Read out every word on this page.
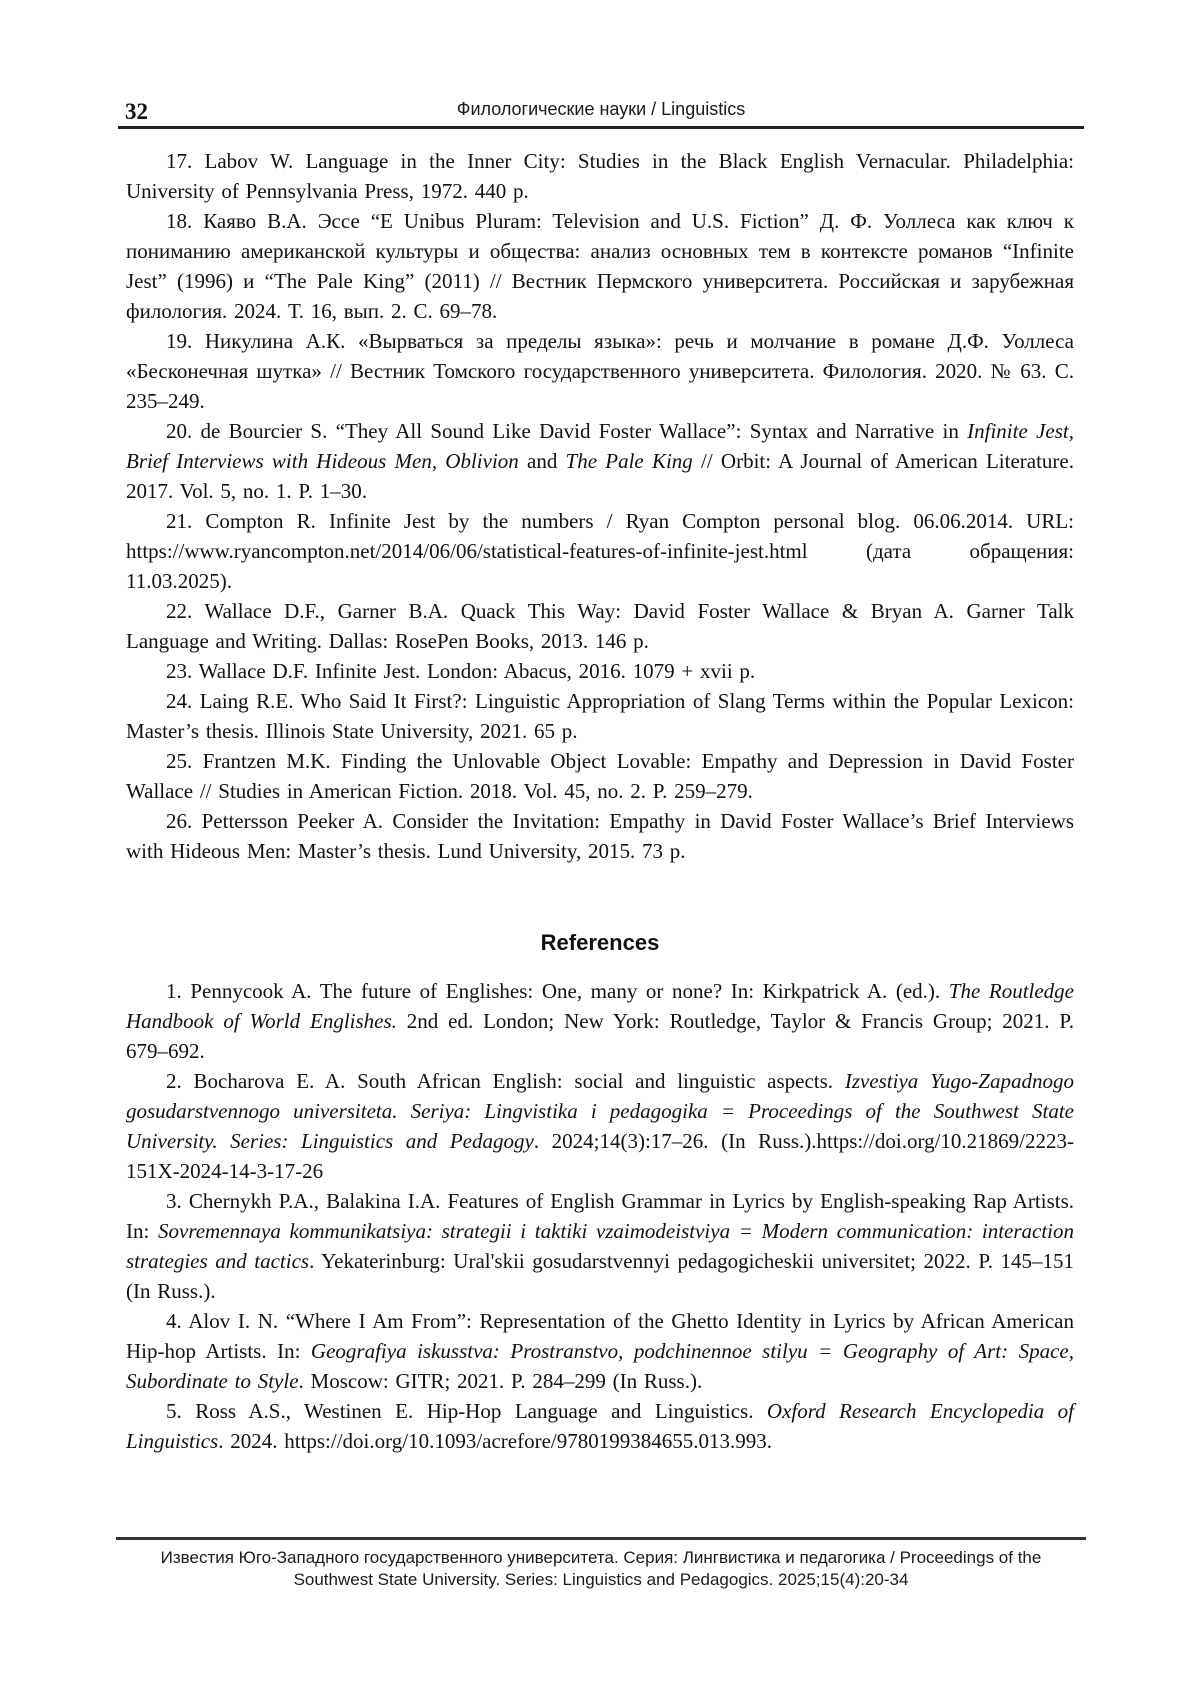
32	Филологические науки / Linguistics

17. Labov W. Language in the Inner City: Studies in the Black English Vernacular. Philadelphia: University of Pennsylvania Press, 1972. 440 p.

18. Каяво В.А. Эссе “E Unibus Pluram: Television and U.S. Fiction” Д. Ф. Уоллеса как ключ к пониманию американской культуры и общества: анализ основных тем в контексте романов “Infinite Jest” (1996) и “The Pale King” (2011) // Вестник Пермского университета. Российская и зарубежная филология. 2024. Т. 16, вып. 2. С. 69–78.

19. Никулина А.К. «Вырваться за пределы языка»: речь и молчание в романе Д.Ф. Уоллеса «Бесконечная шутка» // Вестник Томского государственного университета. Филология. 2020. № 63. С. 235–249.

20. de Bourcier S. “They All Sound Like David Foster Wallace”: Syntax and Narrative in Infinite Jest, Brief Interviews with Hideous Men, Oblivion and The Pale King // Orbit: A Journal of American Literature. 2017. Vol. 5, no. 1. P. 1–30.

21. Compton R. Infinite Jest by the numbers / Ryan Compton personal blog. 06.06.2014. URL: https://www.ryancompton.net/2014/06/06/statistical-features-of-infinite-jest.html (дата обращения: 11.03.2025).

22. Wallace D.F., Garner B.A. Quack This Way: David Foster Wallace & Bryan A. Garner Talk Language and Writing. Dallas: RosePen Books, 2013. 146 p.

23. Wallace D.F. Infinite Jest. London: Abacus, 2016. 1079 + xvii p.

24. Laing R.E. Who Said It First?: Linguistic Appropriation of Slang Terms within the Popular Lexicon: Master’s thesis. Illinois State University, 2021. 65 p.

25. Frantzen M.K. Finding the Unlovable Object Lovable: Empathy and Depression in David Foster Wallace // Studies in American Fiction. 2018. Vol. 45, no. 2. P. 259–279.

26. Pettersson Peeker A. Consider the Invitation: Empathy in David Foster Wallace’s Brief Interviews with Hideous Men: Master’s thesis. Lund University, 2015. 73 p.

References

1. Pennycook A. The future of Englishes: One, many or none? In: Kirkpatrick A. (ed.). The Routledge Handbook of World Englishes. 2nd ed. London; New York: Routledge, Taylor & Francis Group; 2021. P. 679–692.

2. Bocharova E. A. South African English: social and linguistic aspects. Izvestiya Yugo-Zapadnogo gosudarstvennogo universiteta. Seriya: Lingvistika i pedagogika = Proceedings of the Southwest State University. Series: Linguistics and Pedagogy. 2024;14(3):17–26. (In Russ.).https://doi.org/10.21869/2223-151X-2024-14-3-17-26

3. Chernykh P.A., Balakina I.A. Features of English Grammar in Lyrics by English-speaking Rap Artists. In: Sovremennaya kommunikatsiya: strategii i taktiki vzaimodeistviya = Modern communication: interaction strategies and tactics. Yekaterinburg: Ural'skii gosudarstvennyi pedagogicheskii universitet; 2022. P. 145–151 (In Russ.).

4. Alov I. N. “Where I Am From”: Representation of the Ghetto Identity in Lyrics by African American Hip-hop Artists. In: Geografiya iskusstva: Prostranstvo, podchinennoe stilyu = Geography of Art: Space, Subordinate to Style. Moscow: GITR; 2021. P. 284–299 (In Russ.).

5. Ross A.S., Westinen E. Hip-Hop Language and Linguistics. Oxford Research Encyclopedia of Linguistics. 2024. https://doi.org/10.1093/acrefore/9780199384655.013.993.

Известия Юго-Западного государственного университета. Серия: Лингвистика и педагогика / Proceedings of the
Southwest State University. Series: Linguistics and Pedagogics. 2025;15(4):20-34
